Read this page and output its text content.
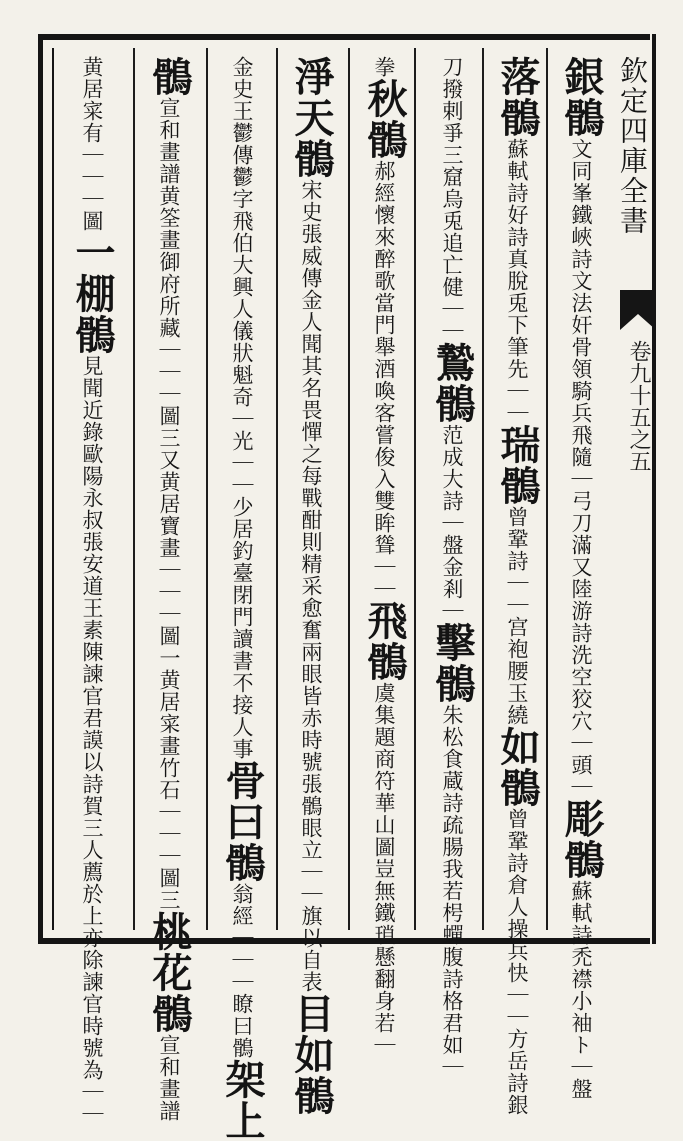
欽定四庫全書
卷九十五之五
銀鶻文同峯鐵峽詩文法奸骨領騎兵飛隨｜弓刀滿又陸游詩洗空狡穴｜頭｜彫鶻蘇軾詩禿襟小袖ト｜盤
落鶻蘇軾詩好詩真脫兎下筆先｜｜瑞鶻曾鞏詩｜｜宫袍腰玉繞如鶻曾鞏詩倉人操兵快｜｜方岳詩銀
刀撥剌爭三窟烏兎追亡健｜｜鷙鶻范成大詩｜盤金剎｜擊鶻朱松食蔵詩疏腸我若枵蟬腹詩格君如｜
拳秋鶻郝經懷來醉歌當門舉酒喚客嘗俊入雙眸聳｜｜飛鶻虞集題商符華山圖豈無鐵瑣懸翻身若｜
淨天鶻宋史張威傳金人聞其名畏憚之每戰酣則精采愈奮兩眼皆赤時號張鶻眼立｜｜旗以自表目如鶻
金史王鬱傳鬱字飛伯大興人儀狀魁奇｜光｜｜少居釣臺閉門讀書不接人事骨曰鶻翁經｜｜｜瞭曰鶻架上
鶻宣和畫譜黄筌畫御府所藏｜｜｜圖三又黄居寶畫｜｜｜圖一黄居寀畫竹石｜｜｜圖三桃花鶻宣和畫譜
黄居寀有｜｜｜圖一棚鶻見聞近錄歐陽永叔張安道王素陳諫官君謨以詩賀三人薦於上亦除諫官時號為｜｜
